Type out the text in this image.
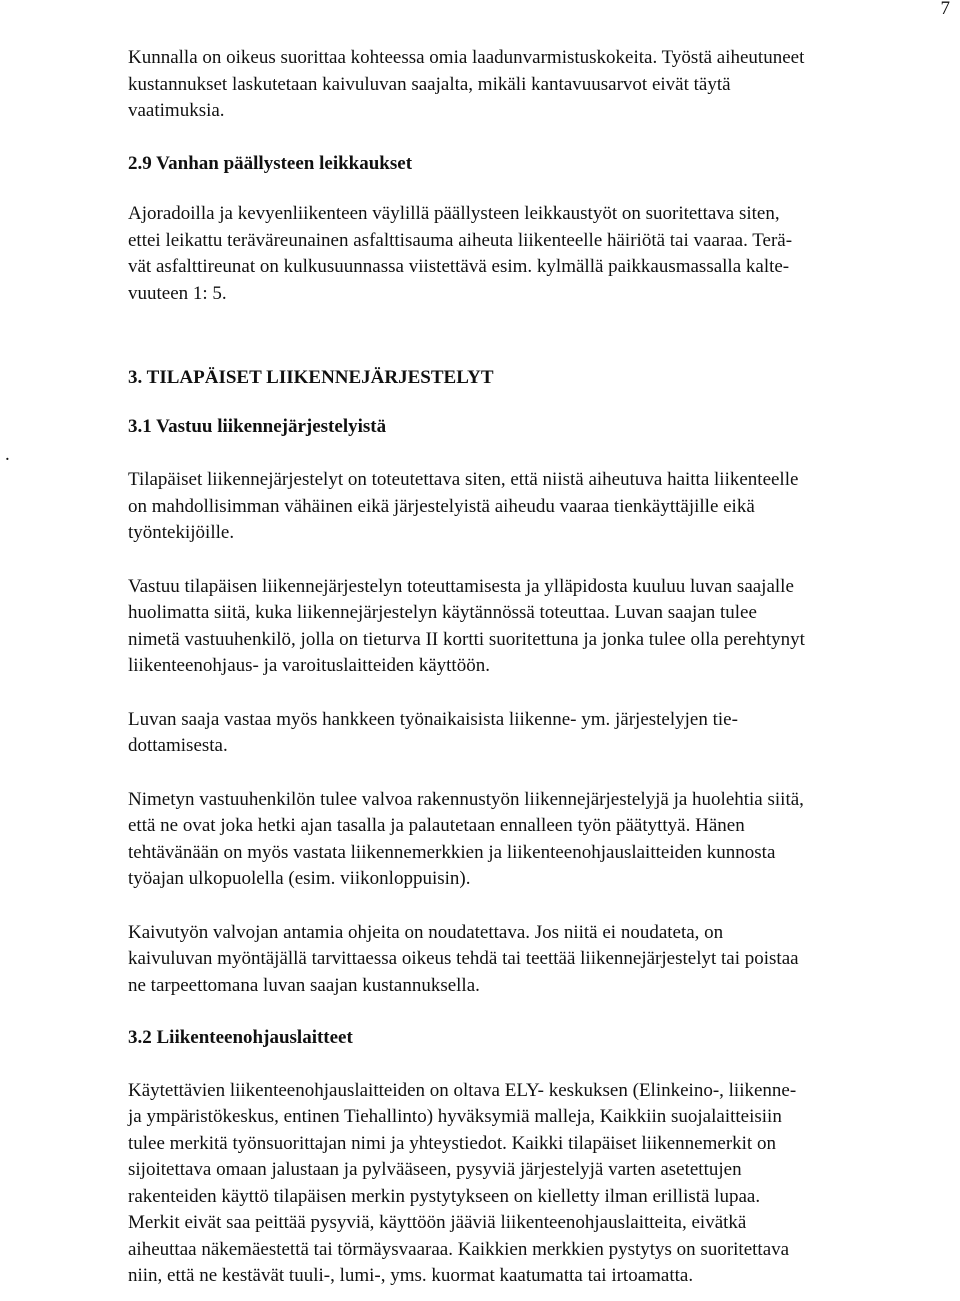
7
.

Kunnalla on oikeus suorittaa kohteessa omia laadunvarmistuskokeita. Työstä aiheutuneet
kustannukset laskutetaan kaivuluvan saajalta, mikäli kantavuusarvot eivät täytä
vaatimuksia.

2.9 Vanhan päällysteen leikkaukset

Ajoradoilla ja kevyenliikenteen väylillä päällysteen leikkaustyöt on suoritettava siten,
ettei leikattu teräväreunainen asfalttisauma aiheuta liikenteelle häiriötä tai vaaraa. Terä-
vät asfalttireunat on kulkusuunnassa viistettävä esim. kylmällä paikkausmassalla kalte-
vuuteen 1: 5.

3. TILAPÄISET LIIKENNEJÄRJESTELYT
3.1 Vastuu liikennejärjestelyistä

Tilapäiset liikennejärjestelyt on toteutettava siten, että niistä aiheutuva haitta liikenteelle
on mahdollisimman vähäinen eikä järjestelyistä aiheudu vaaraa tienkäyttäjille eikä
työntekijöille.

Vastuu tilapäisen liikennejärjestelyn toteuttamisesta ja ylläpidosta kuuluu luvan saajalle
huolimatta siitä, kuka liikennejärjestelyn käytännössä toteuttaa. Luvan saajan tulee
nimetä vastuuhenkilö, jolla on tieturva II kortti suoritettuna ja jonka tulee olla perehtynyt
liikenteenohjaus- ja varoituslaitteiden käyttöön.

Luvan saaja vastaa myös hankkeen työnaikaisista liikenne- ym. järjestelyjen tie-
dottamisesta.

Nimetyn vastuuhenkilön tulee valvoa rakennustyön liikennejärjestelyjä ja huolehtia siitä,
että ne ovat joka hetki ajan tasalla ja palautetaan ennalleen työn päätyttyä. Hänen
tehtävänään on myös vastata liikennemerkkien ja liikenteenohjauslaitteiden kunnosta
työajan ulkopuolella (esim. viikonloppuisin).

Kaivutyön valvojan antamia ohjeita on noudatettava. Jos niitä ei noudateta, on
kaivuluvan myöntäjällä tarvittaessa oikeus tehdä tai teettää liikennejärjestelyt tai poistaa
ne tarpeettomana luvan saajan kustannuksella.

3.2 Liikenteenohjauslaitteet

Käytettävien liikenteenohjauslaitteiden on oltava ELY- keskuksen (Elinkeino-, liikenne-
ja ympäristökeskus, entinen Tiehallinto) hyväksymiä malleja, Kaikkiin suojalaitteisiin
tulee merkitä työnsuorittajan nimi ja yhteystiedot. Kaikki tilapäiset liikennemerkit on
sijoitettava omaan jalustaan ja pylvääseen, pysyviä järjestelyjä varten asetettujen
rakenteiden käyttö tilapäisen merkin pystytykseen on kielletty ilman erillistä lupaa.
Merkit eivät saa peittää pysyviä, käyttöön jääviä liikenteenohjauslaitteita, eivätkä
aiheuttaa näkemäestettä tai törmäysvaaraa. Kaikkien merkkien pystytys on suoritettava
niin, että ne kestävät tuuli-, lumi-, yms. kuormat kaatumatta tai irtoamatta.
